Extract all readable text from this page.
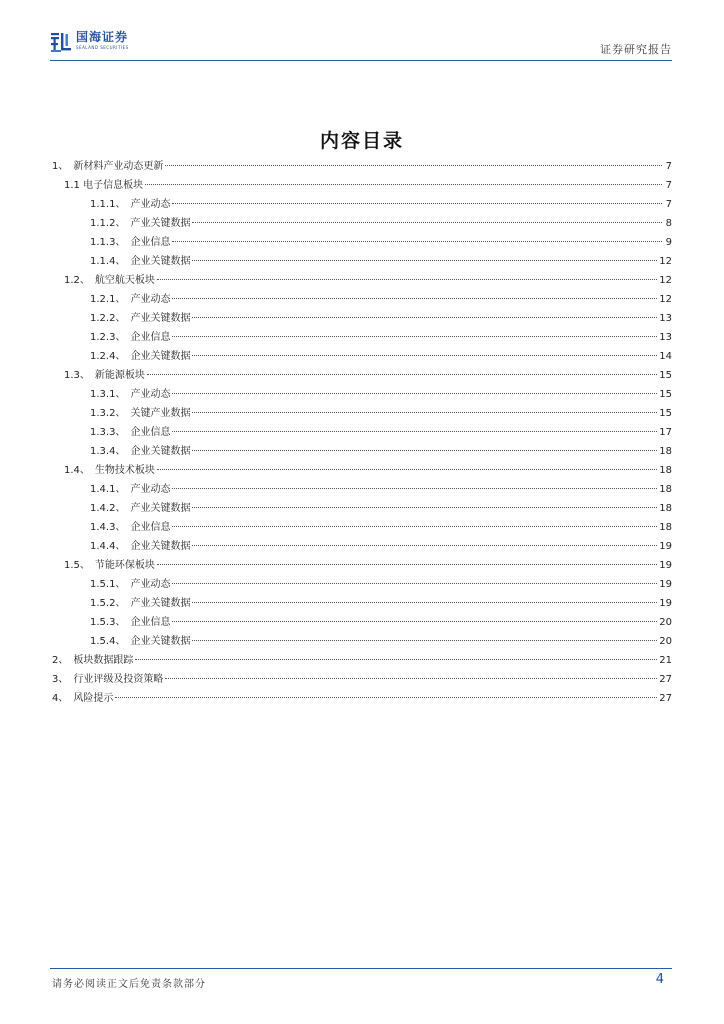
国海证券
SEALAND SECURITIES	证券研究报告
内容目录
1、　新材料产业动态更新	7
1.1 电子信息板块	7
1.1.1、　产业动态	7
1.1.2、　产业关键数据	8
1.1.3、　企业信息	9
1.1.4、　企业关键数据	12
1.2、　航空航天板块	12
1.2.1、　产业动态	12
1.2.2、　产业关键数据	13
1.2.3、　企业信息	13
1.2.4、　企业关键数据	14
1.3、　新能源板块	15
1.3.1、　产业动态	15
1.3.2、　关键产业数据	15
1.3.3、　企业信息	17
1.3.4、　企业关键数据	18
1.4、　生物技术板块	18
1.4.1、　产业动态	18
1.4.2、　产业关键数据	18
1.4.3、　企业信息	18
1.4.4、　企业关键数据	19
1.5、　节能环保板块	19
1.5.1、　产业动态	19
1.5.2、　产业关键数据	19
1.5.3、　企业信息	20
1.5.4、　企业关键数据	20
2、　板块数据跟踪	21
3、　行业评级及投资策略	27
4、　风险提示	27
请务必阅读正文后免责条款部分	4
